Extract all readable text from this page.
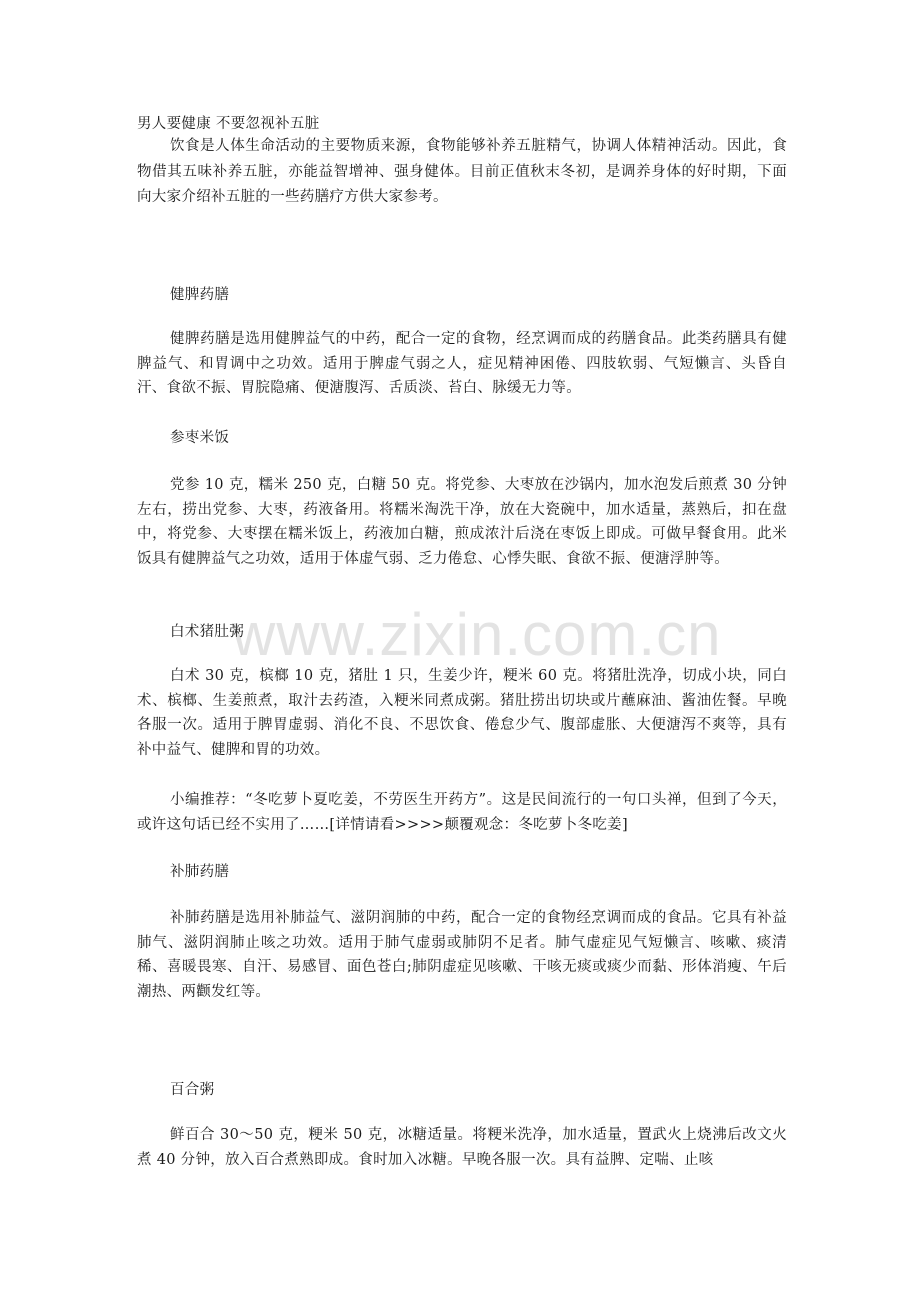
www.zixin.com.cn
男人要健康 不要忽视补五脏
饮食是人体生命活动的主要物质来源，食物能够补养五脏精气，协调人体精神活动。因此，食物借其五味补养五脏，亦能益智增神、强身健体。目前正值秋末冬初，是调养身体的好时期，下面向大家介绍补五脏的一些药膳疗方供大家参考。
健脾药膳
健脾药膳是选用健脾益气的中药，配合一定的食物，经烹调而成的药膳食品。此类药膳具有健脾益气、和胃调中之功效。适用于脾虚气弱之人，症见精神困倦、四肢软弱、气短懒言、头昏自汗、食欲不振、胃脘隐痛、便溏腹泻、舌质淡、苔白、脉缓无力等。
参枣米饭
党参 10 克，糯米 250 克，白糖 50 克。将党参、大枣放在沙锅内，加水泡发后煎煮 30 分钟左右，捞出党参、大枣，药液备用。将糯米淘洗干净，放在大瓷碗中，加水适量，蒸熟后，扣在盘中，将党参、大枣摆在糯米饭上，药液加白糖，煎成浓汁后浇在枣饭上即成。可做早餐食用。此米饭具有健脾益气之功效，适用于体虚气弱、乏力倦怠、心悸失眠、食欲不振、便溏浮肿等。
白术猪肚粥
白术 30 克，槟榔 10 克，猪肚 1 只，生姜少许，粳米 60 克。将猪肚洗净，切成小块，同白术、槟榔、生姜煎煮，取汁去药渣，入粳米同煮成粥。猪肚捞出切块或片蘸麻油、酱油佐餐。早晚各服一次。适用于脾胃虚弱、消化不良、不思饮食、倦怠少气、腹部虚胀、大便溏泻不爽等，具有补中益气、健脾和胃的功效。
小编推荐：“冬吃萝卜夏吃姜，不劳医生开药方”。这是民间流行的一句口头禅，但到了今天，或许这句话已经不实用了……[详情请看>>>>颠覆观念：冬吃萝卜冬吃姜]
补肺药膳
补肺药膳是选用补肺益气、滋阴润肺的中药，配合一定的食物经烹调而成的食品。它具有补益肺气、滋阴润肺止咳之功效。适用于肺气虚弱或肺阴不足者。肺气虚症见气短懒言、咳嗽、痰清稀、喜暖畏寒、自汗、易感冒、面色苍白;肺阴虚症见咳嗽、干咳无痰或痰少而黏、形体消瘦、午后潮热、两颧发红等。
百合粥
鲜百合 30～50 克，粳米 50 克，冰糖适量。将粳米洗净，加水适量，置武火上烧沸后改文火煮 40 分钟，放入百合煮熟即成。食时加入冰糖。早晚各服一次。具有益脾、定喘、止咳
